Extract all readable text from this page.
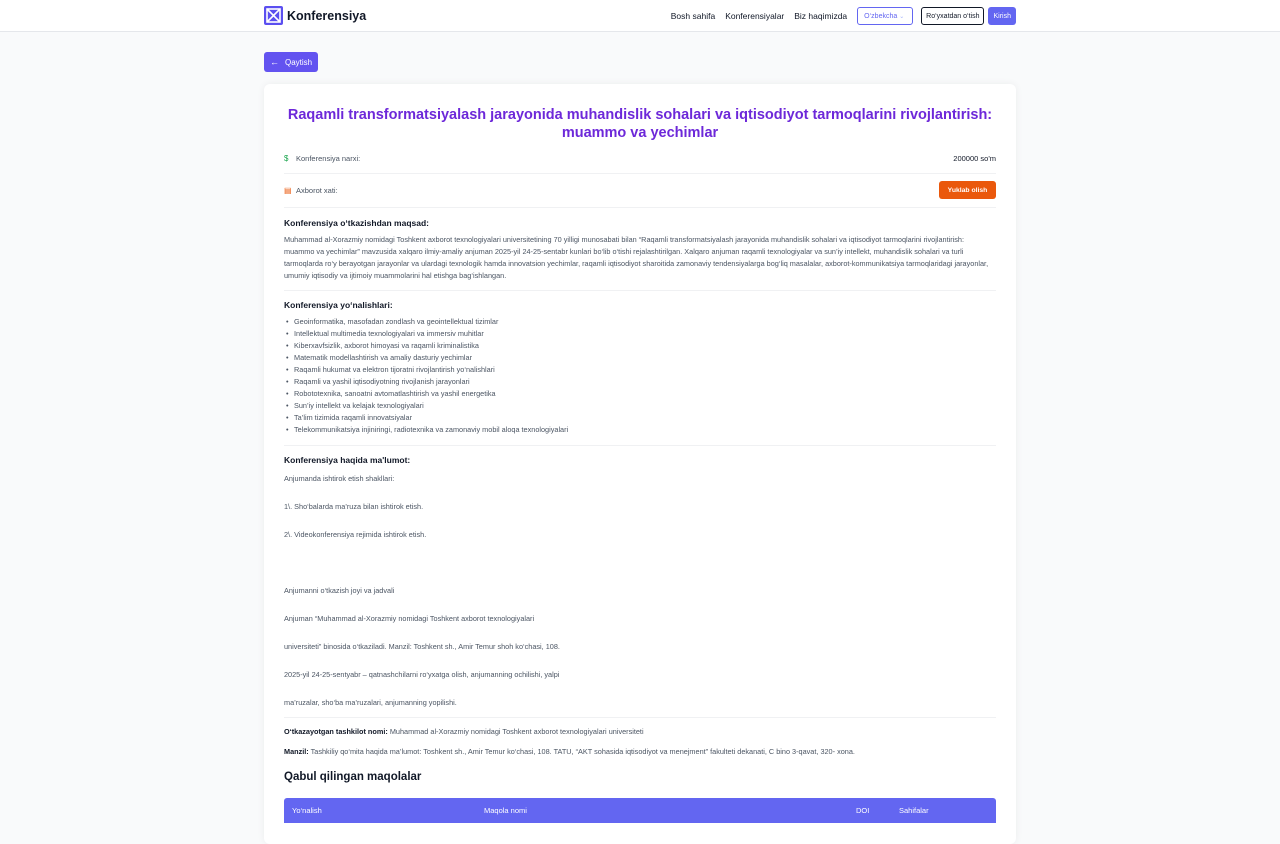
Konferensiya	Bosh sahifa Konferensiyalar Biz haqimizda O‘zbekcha ⌄	Ro‘yxatdan o‘tish	Kirish
← Qaytish
Raqamli transformatsiyalash jarayonida muhandislik sohalari va iqtisodiyot tarmoqlarini rivojlantirish: muammo va yechimlar
$	Konferensiya narxi:	200000 so'm
▤ Axborot xati:	Yuklab olish
Konferensiya o‘tkazishdan maqsad:

Muhammad al-Xorazmiy nomidagi Toshkent axborot texnologiyalari universitetining 70 yilligi munosabati bilan “Raqamli transformatsiyalash jarayonida muhandislik sohalari va iqtisodiyot tarmoqlarini rivojlantirish: muammo va yechimlar” mavzusida xalqaro ilmiy-amaliy anjuman 2025-yil 24-25-sentabr kunlari bo‘lib o‘tishi rejalashtirilgan. Xalqaro anjuman raqamli texnologiyalar va sun’iy intellekt, muhandislik sohalari va turli tarmoqlarda ro‘y berayotgan jarayonlar va ulardagi texnologik hamda innovatsion yechimlar, raqamli iqtisodiyot sharoitida zamonaviy tendensiyalarga bog‘liq masalalar, axborot-kommunikatsiya tarmoqlaridagi jarayonlar, umumiy iqtisodiy va ijtimoiy muammolarini hal etishga bag‘ishlangan.

Konferensiya yo‘nalishlari:
• Geoinformatika, masofadan zondlash va geointellektual tizimlar
• Intellektual multimedia texnologiyalari va immersiv muhitlar
• Kiberxavfsizlik, axborot himoyasi va raqamli kriminalistika
• Matematik modellashtirish va amaliy dasturiy yechimlar
• Raqamli hukumat va elektron tijoratni rivojlantirish yo‘nalishlari
• Raqamli va yashil iqtisodiyotning rivojlanish jarayonlari
• Robototexnika, sanoatni avtomatlashtirish va yashil energetika
• Sun’iy intellekt va kelajak texnologiyalari
• Ta’lim tizimida raqamli innovatsiyalar
• Telekommunikatsiya injiniringi, radiotexnika va zamonaviy mobil aloqa texnologiyalari
Konferensiya haqida ma'lumot:
Anjumanda ishtirok etish shakllari:
1\. Sho‘balarda ma’ruza bilan ishtirok etish.
2\. Videokonferensiya rejimida ishtirok etish.
Anjumanni o‘tkazish joyi va jadvali
Anjuman “Muhammad al-Xorazmiy nomidagi Toshkent axborot texnologiyalari
universiteti” binosida o‘tkaziladi. Manzil: Toshkent sh., Amir Temur shoh ko‘chasi, 108.
2025-yil 24-25-sentyabr – qatnashchilarni ro‘yxatga olish, anjumanning ochilishi, yalpi
ma’ruzalar, sho‘ba ma’ruzalari, anjumanning yopilishi.
O‘tkazayotgan tashkilot nomi: Muhammad al-Xorazmiy nomidagi Toshkent axborot texnologiyalari universiteti
Manzil: Tashkiliy qo‘mita haqida ma’lumot: Toshkent sh., Amir Temur ko‘chasi, 108. TATU, “AKT sohasida iqtisodiyot va menejment” fakulteti dekanati, C bino 3-qavat, 320- xona.
Qabul qilingan maqolalar
Yo‘nalish	Maqola nomi	DOI	Sahifalar
